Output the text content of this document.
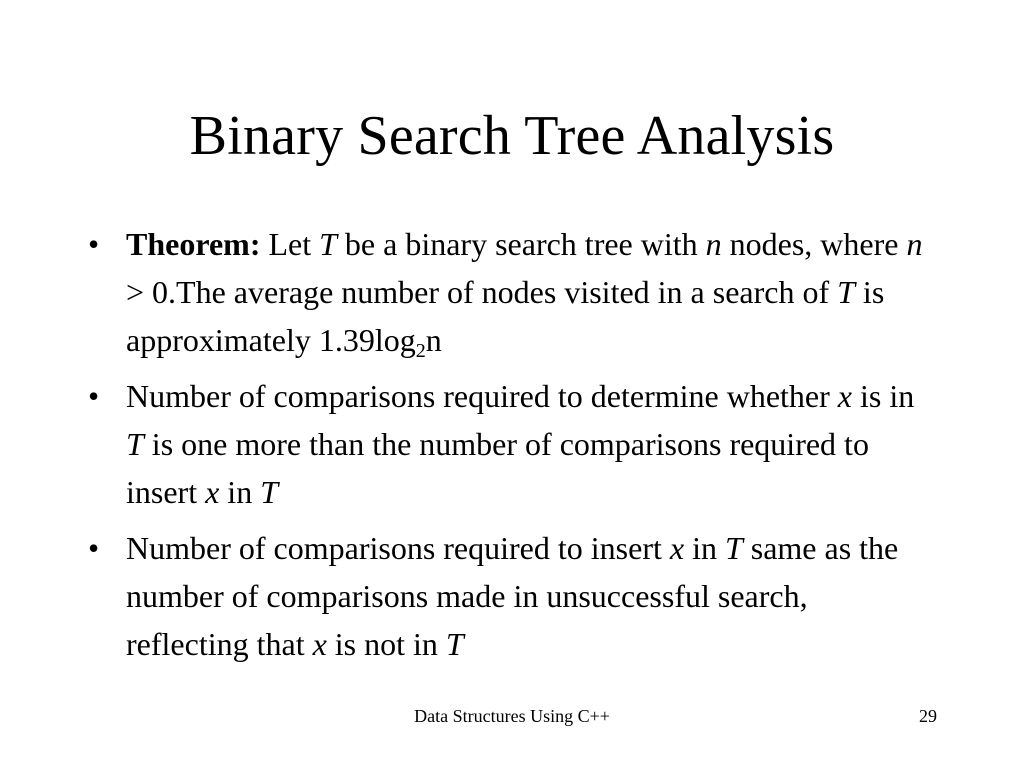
Binary Search Tree Analysis
• Theorem: Let T be a binary search tree with n nodes, where n > 0.The average number of nodes visited in a search of T is approximately $1.39\log_2n$
• Number of comparisons required to determine whether x is in T is one more than the number of comparisons required to insert x in T
• Number of comparisons required to insert x in T same as the number of comparisons made in unsuccessful search, reflecting that x is not in T
Data Structures Using C++	29
